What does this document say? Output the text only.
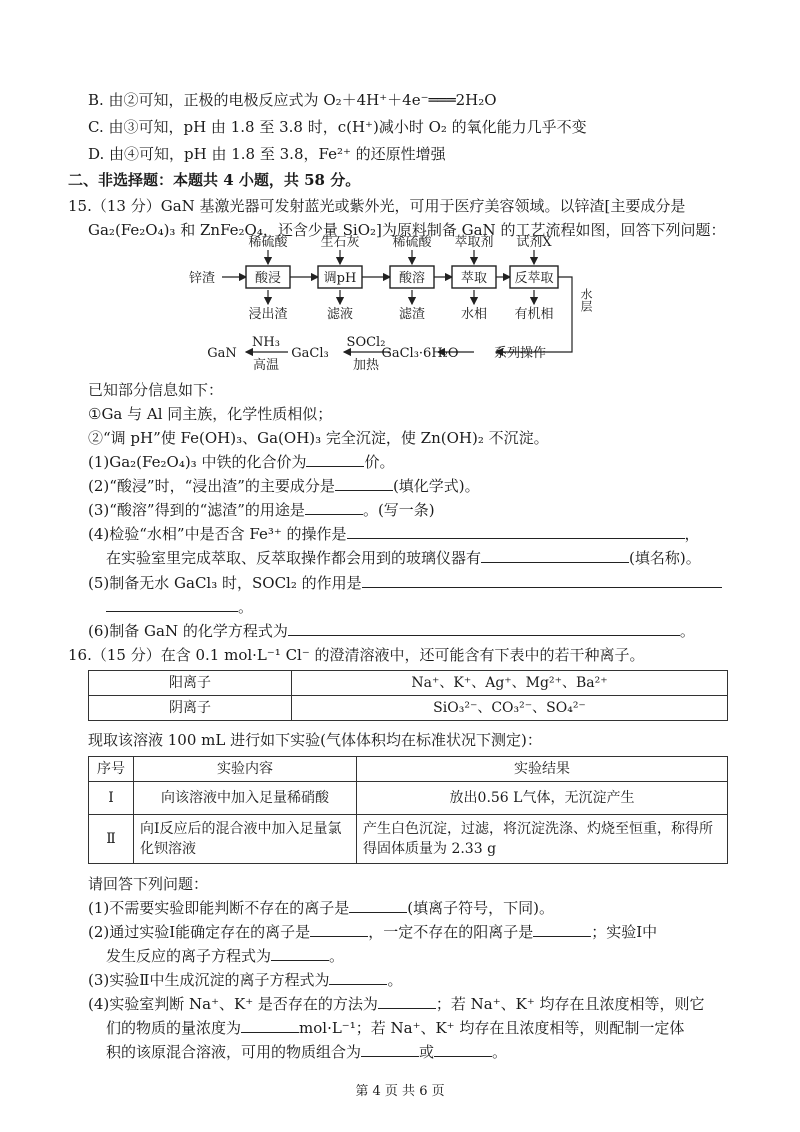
B. 由②可知，正极的电极反应式为 O₂＋4H⁺＋4e⁻═══2H₂O
C. 由③可知，pH 由 1.8 至 3.8 时，c(H⁺)减小时 O₂ 的氧化能力几乎不变
D. 由④可知，pH 由 1.8 至 3.8，Fe²⁺ 的还原性增强
二、非选择题：本题共 4 小题，共 58 分。
15.（13 分）GaN 基激光器可发射蓝光或紫外光，可用于医疗美容领域。以锌渣[主要成分是
Ga₂(Fe₂O₄)₃ 和 ZnFe₂O₄，还含少量 SiO₂]为原料制备 GaN 的工艺流程如图，回答下列问题：
锌渣	酸浸	调pH	酸溶	萃取 反萃取
稀硫酸	生石灰	稀硫酸 萃取剂 试剂X
浸出渣	滤液	滤渣	水相 有机相
系列操作
GaCl₃·6H₂O
SOCl₂
加热
GaCl₃
NH₃
高温
GaN
水层
已知部分信息如下：
①Ga 与 Al 同主族，化学性质相似；
②“调 pH”使 Fe(OH)₃、Ga(OH)₃ 完全沉淀，使 Zn(OH)₂ 不沉淀。
(1)Ga₂(Fe₂O₄)₃ 中铁的化合价为	价。
(2)“酸浸”时，“浸出渣”的主要成分是	(填化学式)。
(3)“酸溶”得到的“滤渣”的用途是	。(写一条)
(4)检验“水相”中是否含 Fe³⁺ 的操作是	，
在实验室里完成萃取、反萃取操作都会用到的玻璃仪器有	(填名称)。
(5)制备无水 GaCl₃ 时，SOCl₂ 的作用是
。
(6)制备 GaN 的化学方程式为	。
16.（15 分）在含 0.1 mol·L⁻¹ Cl⁻ 的澄清溶液中，还可能含有下表中的若干种离子。
阳离子	Na⁺、K⁺、Ag⁺、Mg²⁺、Ba²⁺
阴离子	SiO₃²⁻、CO₃²⁻、SO₄²⁻
现取该溶液 100 mL 进行如下实验(气体体积均在标准状况下测定)：
序号	实验内容	实验结果
Ⅰ	向该溶液中加入足量稀硝酸	放出0.56 L气体，无沉淀产生
Ⅱ	向Ⅰ反应后的混合液中加入足量氯化钡溶液	产生白色沉淀，过滤，将沉淀洗涤、灼烧至恒重，称得所得固体质量为 2.33 g
请回答下列问题：
(1)不需要实验即能判断不存在的离子是	(填离子符号，下同)。
(2)通过实验Ⅰ能确定存在的离子是	，一定不存在的阳离子是	；实验Ⅰ中
发生反应的离子方程式为	。
(3)实验Ⅱ中生成沉淀的离子方程式为	。
(4)实验室判断 Na⁺、K⁺ 是否存在的方法为	；若 Na⁺、K⁺ 均存在且浓度相等，则它
们的物质的量浓度为	mol·L⁻¹；若 Na⁺、K⁺ 均存在且浓度相等，则配制一定体
积的该原混合溶液，可用的物质组合为	或	。
第 4 页 共 6 页
